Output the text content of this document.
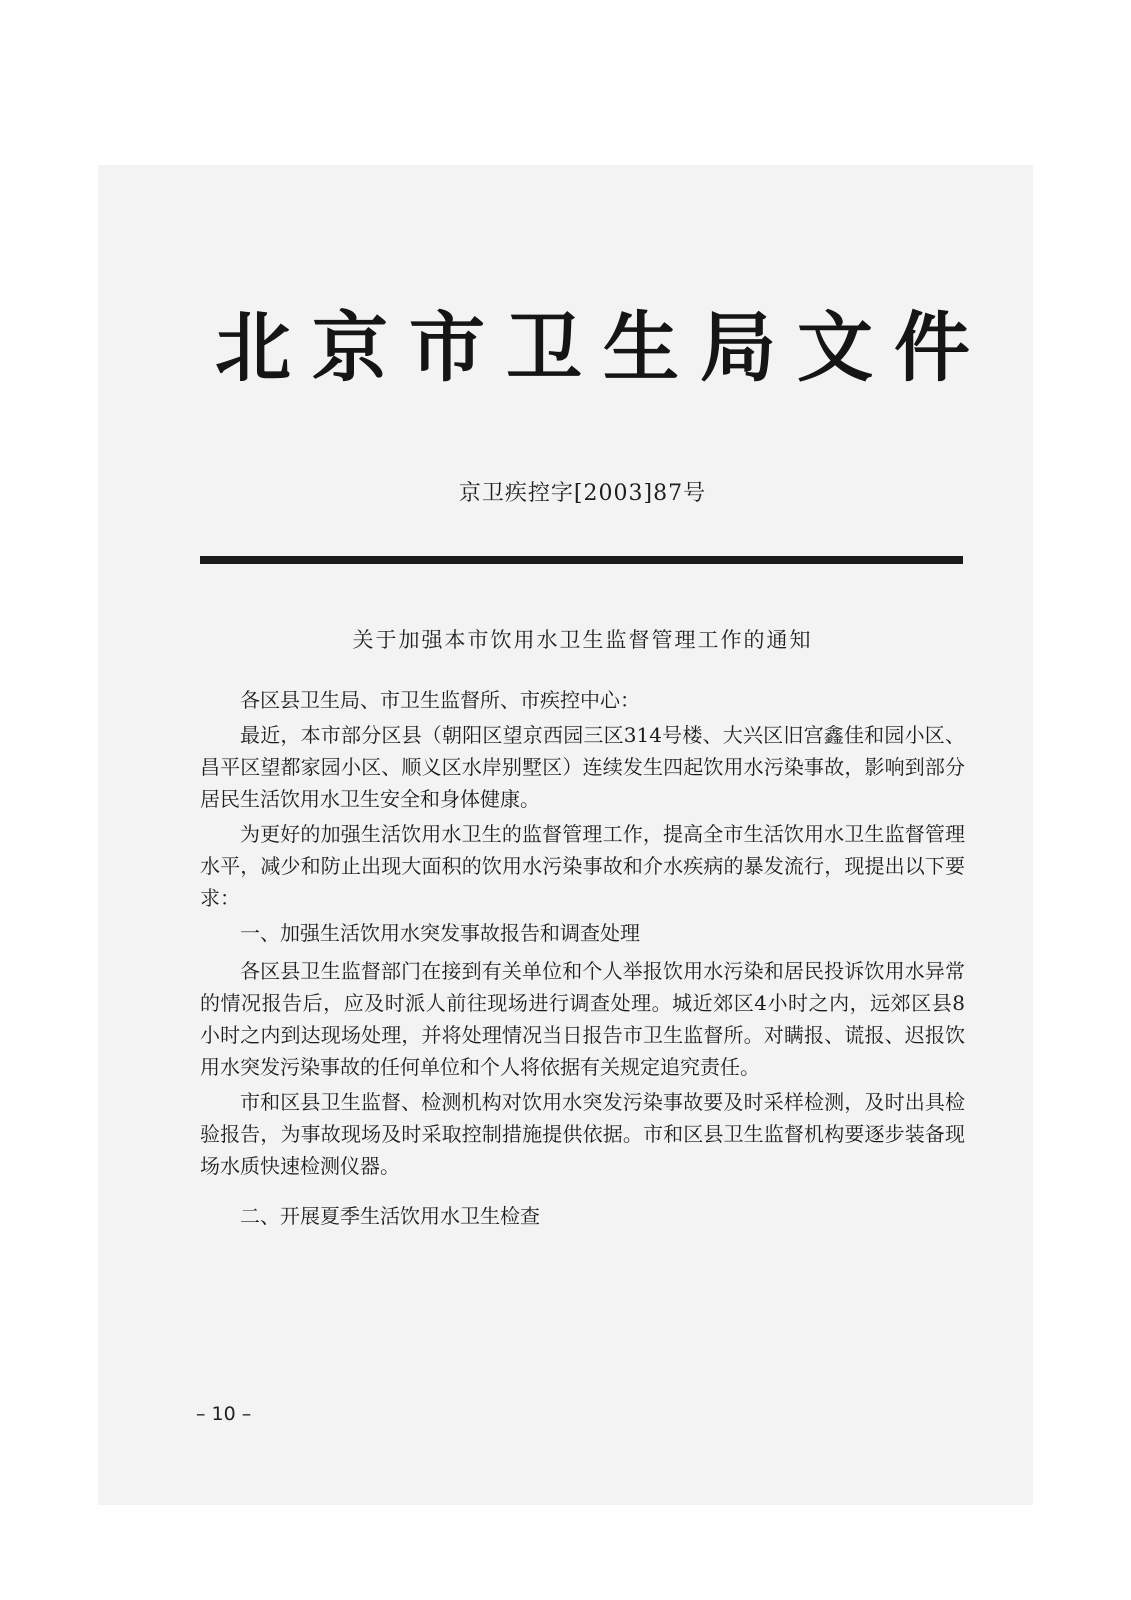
北京市卫生局文件
京卫疾控字[2003]87号
关于加强本市饮用水卫生监督管理工作的通知

各区县卫生局、市卫生监督所、市疾控中心：

最近，本市部分区县（朝阳区望京西园三区314号楼、大兴区旧宫鑫佳和园小区、昌平区望都家园小区、顺义区水岸别墅区）连续发生四起饮用水污染事故，影响到部分居民生活饮用水卫生安全和身体健康。

为更好的加强生活饮用水卫生的监督管理工作，提高全市生活饮用水卫生监督管理水平，减少和防止出现大面积的饮用水污染事故和介水疾病的暴发流行，现提出以下要求：

一、加强生活饮用水突发事故报告和调查处理

各区县卫生监督部门在接到有关单位和个人举报饮用水污染和居民投诉饮用水异常的情况报告后，应及时派人前往现场进行调查处理。城近郊区4小时之内，远郊区县8小时之内到达现场处理，并将处理情况当日报告市卫生监督所。对瞒报、谎报、迟报饮用水突发污染事故的任何单位和个人将依据有关规定追究责任。

市和区县卫生监督、检测机构对饮用水突发污染事故要及时采样检测，及时出具检验报告，为事故现场及时采取控制措施提供依据。市和区县卫生监督机构要逐步装备现场水质快速检测仪器。

二、开展夏季生活饮用水卫生检查

– 10 –
